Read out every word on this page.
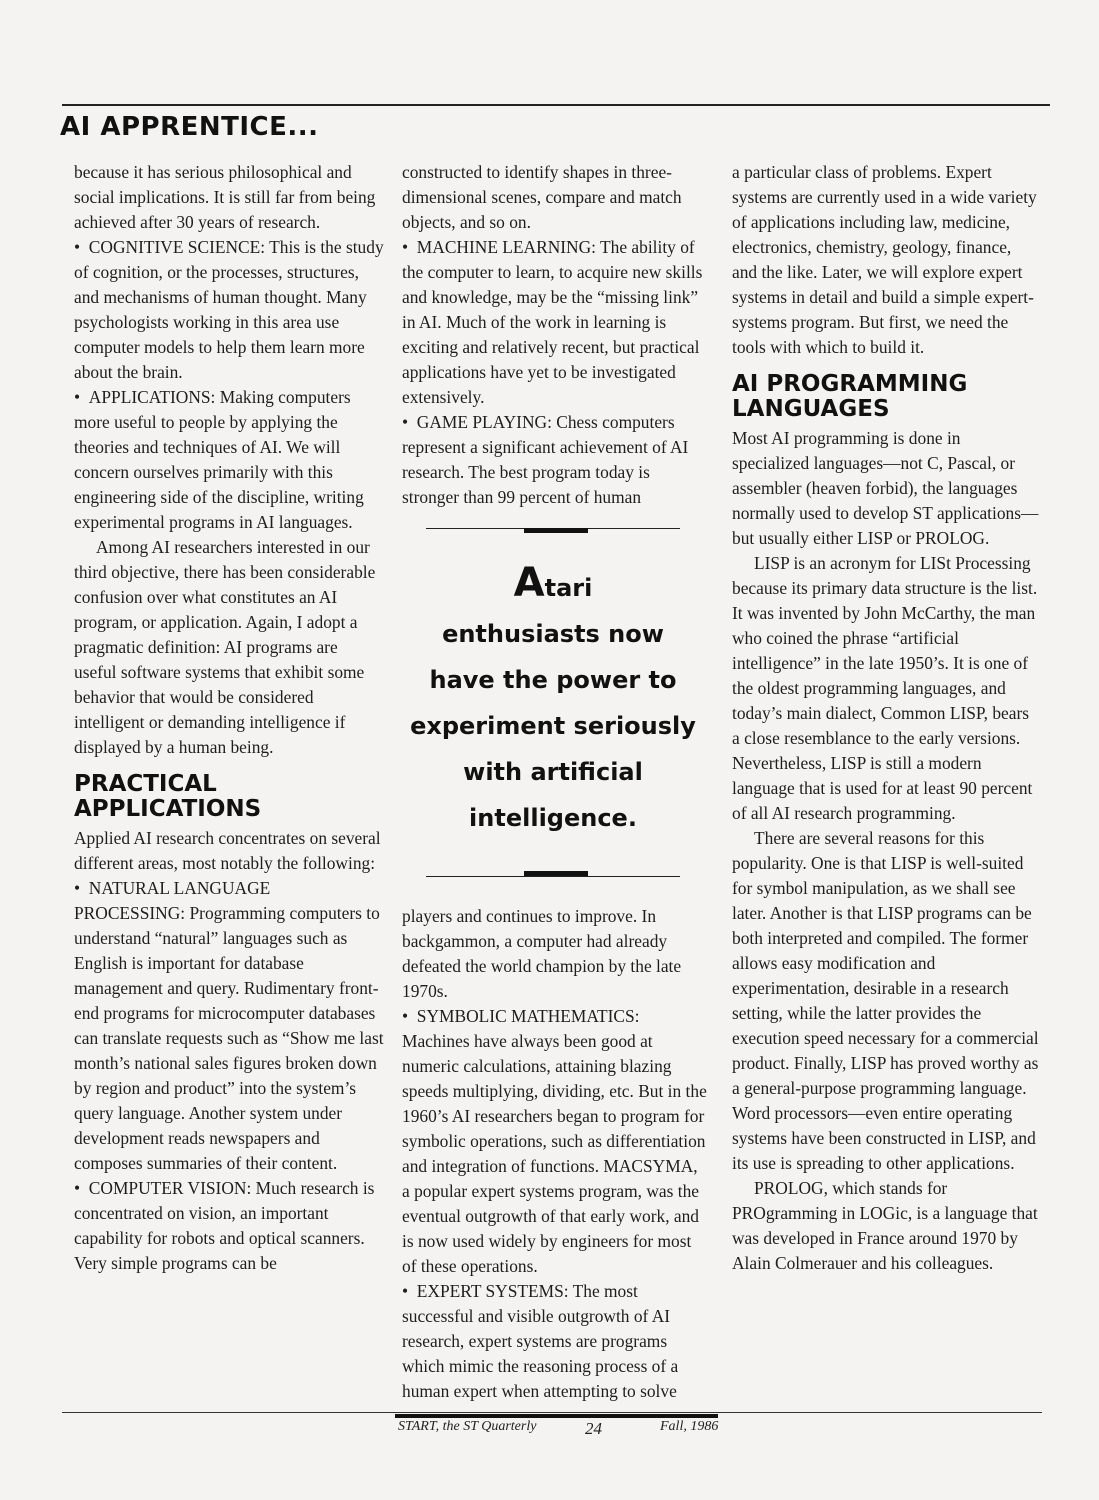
AI APPRENTICE...

because it has serious philosophical and social implications. It is still far from being achieved after 30 years of research.

•  COGNITIVE SCIENCE: This is the study of cognition, or the processes, structures, and mechanisms of human thought. Many psychologists working in this area use computer models to help them learn more about the brain.

•  APPLICATIONS: Making computers more useful to people by applying the theories and techniques of AI. We will concern ourselves primarily with this engineering side of the discipline, writing experimental programs in AI languages.

Among AI researchers interested in our third objective, there has been considerable confusion over what constitutes an AI program, or application. Again, I adopt a pragmatic definition: AI programs are useful software systems that exhibit some behavior that would be considered intelligent or demanding intelligence if displayed by a human being.

PRACTICAL APPLICATIONS

Applied AI research concentrates on several different areas, most notably the following:

•  NATURAL LANGUAGE PROCESSING: Programming computers to understand “natural” languages such as English is important for database management and query. Rudimentary front-end programs for microcomputer databases can translate requests such as “Show me last month’s national sales figures broken down by region and product” into the system’s query language. Another system under development reads newspapers and composes summaries of their content.

•  COMPUTER VISION: Much research is concentrated on vision, an important capability for robots and optical scanners. Very simple programs can be

constructed to identify shapes in three-dimensional scenes, compare and match objects, and so on.

•  MACHINE LEARNING: The ability of the computer to learn, to acquire new skills and knowledge, may be the “missing link” in AI. Much of the work in learning is exciting and relatively recent, but practical applications have yet to be investigated extensively.

•  GAME PLAYING: Chess computers represent a significant achievement of AI research. The best program today is stronger than 99 percent of human

Atari
enthusiasts now
have the power to
experiment seriously
with artificial
intelligence.

players and continues to improve. In backgammon, a computer had already defeated the world champion by the late 1970s.

•  SYMBOLIC MATHEMATICS: Machines have always been good at numeric calculations, attaining blazing speeds multiplying, dividing, etc. But in the 1960’s AI researchers began to program for symbolic operations, such as differentiation and integration of functions. MACSYMA, a popular expert systems program, was the eventual outgrowth of that early work, and is now used widely by engineers for most of these operations.

•  EXPERT SYSTEMS: The most successful and visible outgrowth of AI research, expert systems are programs which mimic the reasoning process of a human expert when attempting to solve

a particular class of problems. Expert systems are currently used in a wide variety of applications including law, medicine, electronics, chemistry, geology, finance, and the like. Later, we will explore expert systems in detail and build a simple expert-systems program. But first, we need the tools with which to build it.

AI PROGRAMMING LANGUAGES

Most AI programming is done in specialized languages—not C, Pascal, or assembler (heaven forbid), the languages normally used to develop ST applications—but usually either LISP or PROLOG.

LISP is an acronym for LISt Processing because its primary data structure is the list. It was invented by John McCarthy, the man who coined the phrase “artificial intelligence” in the late 1950’s. It is one of the oldest programming languages, and today’s main dialect, Common LISP, bears a close resemblance to the early versions. Nevertheless, LISP is still a modern language that is used for at least 90 percent of all AI research programming.

There are several reasons for this popularity. One is that LISP is well-suited for symbol manipulation, as we shall see later. Another is that LISP programs can be both interpreted and compiled. The former allows easy modification and experimentation, desirable in a research setting, while the latter provides the execution speed necessary for a commercial product. Finally, LISP has proved worthy as a general-purpose programming language. Word processors—even entire operating systems have been constructed in LISP, and its use is spreading to other applications.

PROLOG, which stands for PROgramming in LOGic, is a language that was developed in France around 1970 by Alain Colmerauer and his colleagues.

START, the ST Quarterly	24	Fall, 1986
